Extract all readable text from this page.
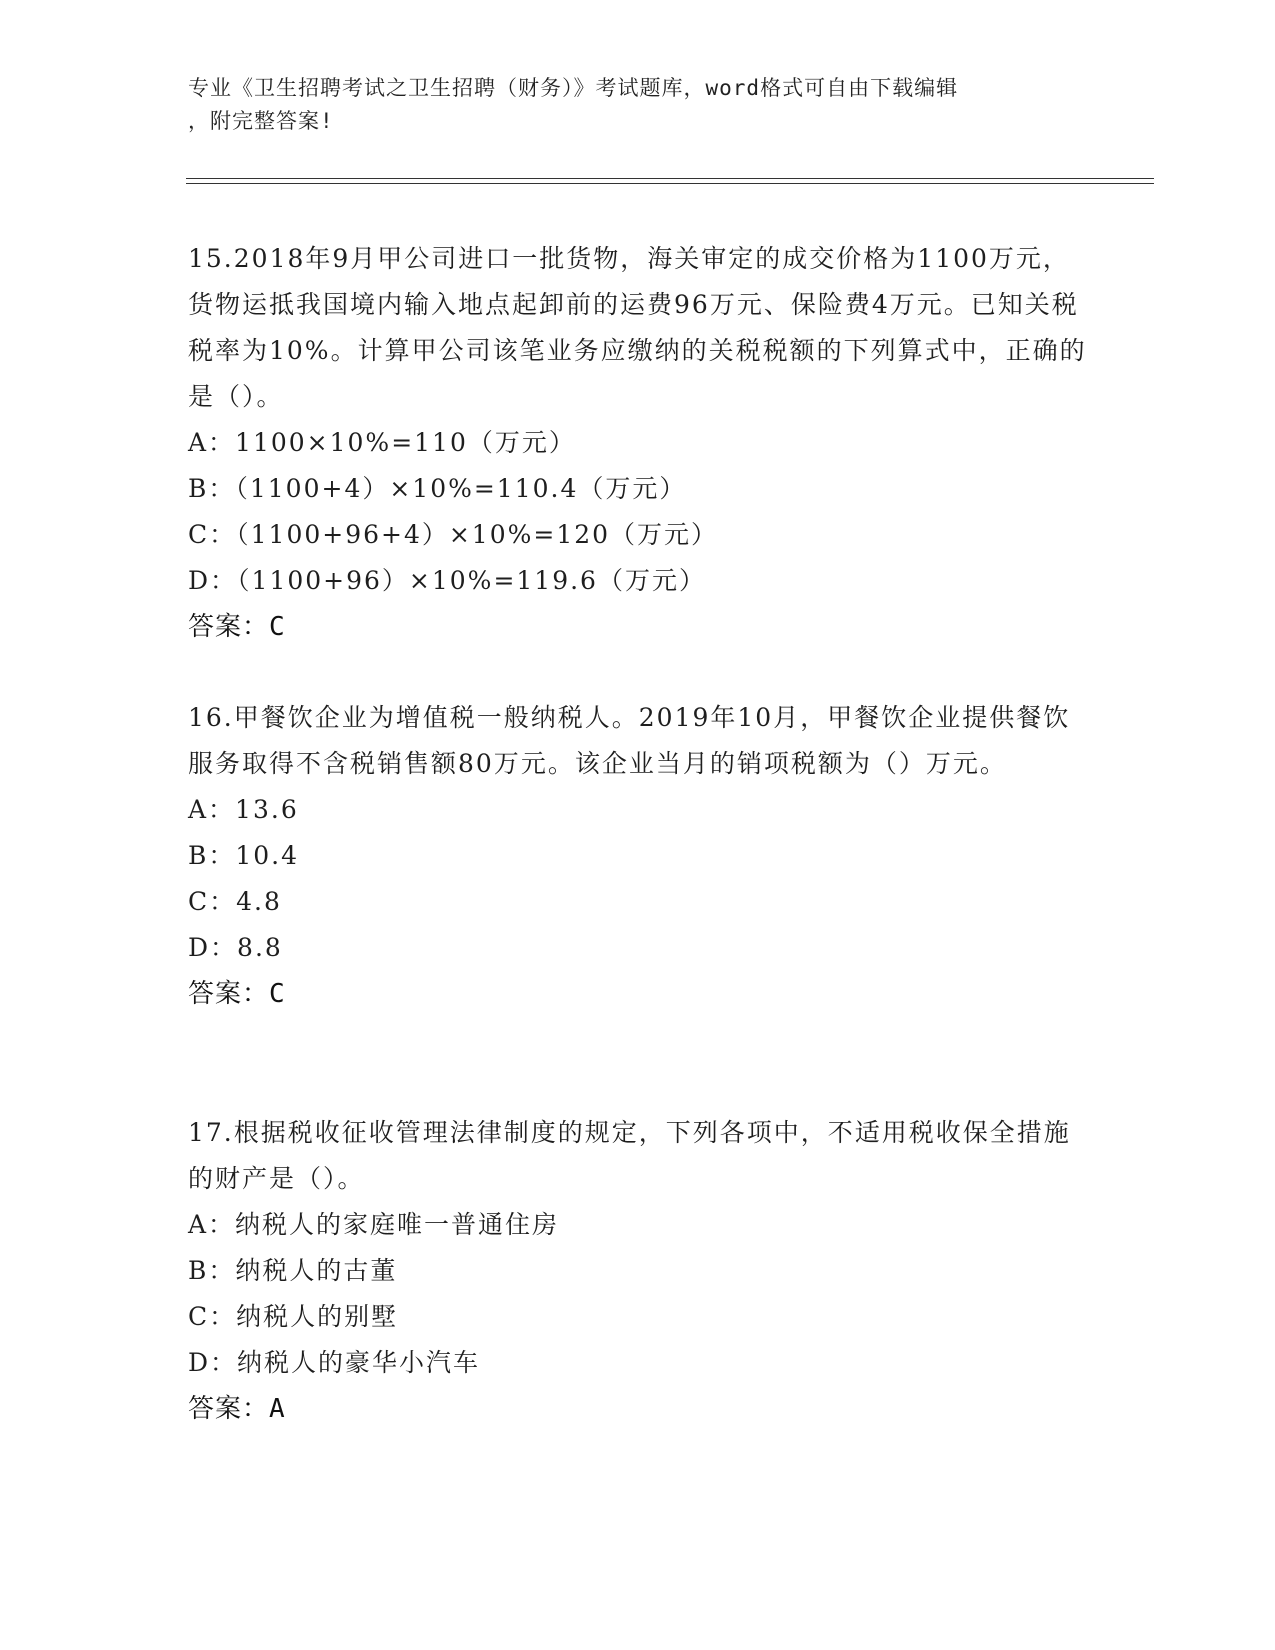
专业《卫生招聘考试之卫生招聘（财务）》考试题库，word格式可自由下载编辑
，附完整答案!

15.2018年9月甲公司进口一批货物，海关审定的成交价格为1100万元，货物运抵我国境内输入地点起卸前的运费96万元、保险费4万元。已知关税税率为10%。计算甲公司该笔业务应缴纳的关税税额的下列算式中，正确的是（）。

A：1100×10%=110（万元）

B：（1100+4）×10%=110.4（万元）

C：（1100+96+4）×10%=120（万元）

D：（1100+96）×10%=119.6（万元）

答案：C

16.甲餐饮企业为增值税一般纳税人。2019年10月，甲餐饮企业提供餐饮服务取得不含税销售额80万元。该企业当月的销项税额为（）万元。

A：13.6

B：10.4

C：4.8

D：8.8

答案：C

17.根据税收征收管理法律制度的规定，下列各项中，不适用税收保全措施的财产是（）。

A：纳税人的家庭唯一普通住房

B：纳税人的古董

C：纳税人的别墅

D：纳税人的豪华小汽车

答案：A
